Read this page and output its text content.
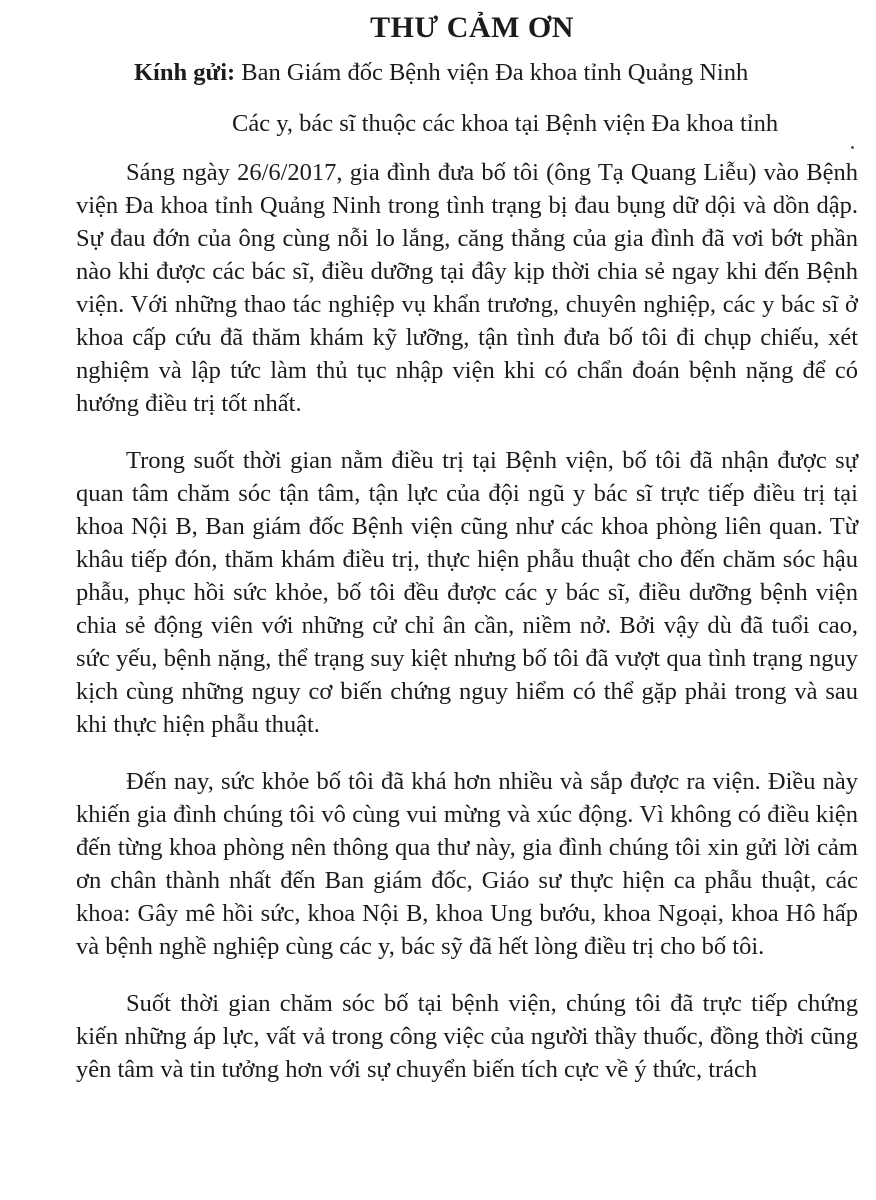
THƯ CẢM ƠN
Kính gửi: Ban Giám đốc Bệnh viện Đa khoa tỉnh Quảng Ninh
Các y, bác sĩ thuộc các khoa tại Bệnh viện Đa khoa tỉnh

Sáng ngày 26/6/2017, gia đình đưa bố tôi (ông Tạ Quang Liễu) vào Bệnh viện Đa khoa tỉnh Quảng Ninh trong tình trạng bị đau bụng dữ dội và dồn dập. Sự đau đớn của ông cùng nỗi lo lắng, căng thẳng của gia đình đã vơi bớt phần nào khi được các bác sĩ, điều dưỡng tại đây kịp thời chia sẻ ngay khi đến Bệnh viện. Với những thao tác nghiệp vụ khẩn trương, chuyên nghiệp, các y bác sĩ ở khoa cấp cứu đã thăm khám kỹ lưỡng, tận tình đưa bố tôi đi chụp chiếu, xét nghiệm và lập tức làm thủ tục nhập viện khi có chẩn đoán bệnh nặng để có hướng điều trị tốt nhất.

Trong suốt thời gian nằm điều trị tại Bệnh viện, bố tôi đã nhận được sự quan tâm chăm sóc tận tâm, tận lực của đội ngũ y bác sĩ trực tiếp điều trị tại khoa Nội B, Ban giám đốc Bệnh viện cũng như các khoa phòng liên quan. Từ khâu tiếp đón, thăm khám điều trị, thực hiện phẫu thuật cho đến chăm sóc hậu phẫu, phục hồi sức khỏe, bố tôi đều được các y bác sĩ, điều dưỡng bệnh viện chia sẻ động viên với những cử chỉ ân cần, niềm nở. Bởi vậy dù đã tuổi cao, sức yếu, bệnh nặng, thể trạng suy kiệt nhưng bố tôi đã vượt qua tình trạng nguy kịch cùng những nguy cơ biến chứng nguy hiểm có thể gặp phải trong và sau khi thực hiện phẫu thuật.

Đến nay, sức khỏe bố tôi đã khá hơn nhiều và sắp được ra viện. Điều này khiến gia đình chúng tôi vô cùng vui mừng và xúc động. Vì không có điều kiện đến từng khoa phòng nên thông qua thư này, gia đình chúng tôi xin gửi lời cảm ơn chân thành nhất đến Ban giám đốc, Giáo sư thực hiện ca phẫu thuật, các khoa: Gây mê hồi sức, khoa Nội B, khoa Ung bướu, khoa Ngoại, khoa Hô hấp và bệnh nghề nghiệp cùng các y, bác sỹ đã hết lòng điều trị cho bố tôi.

Suốt thời gian chăm sóc bố tại bệnh viện, chúng tôi đã trực tiếp chứng kiến những áp lực, vất vả trong công việc của người thầy thuốc, đồng thời cũng yên tâm và tin tưởng hơn với sự chuyển biến tích cực về ý thức, trách
